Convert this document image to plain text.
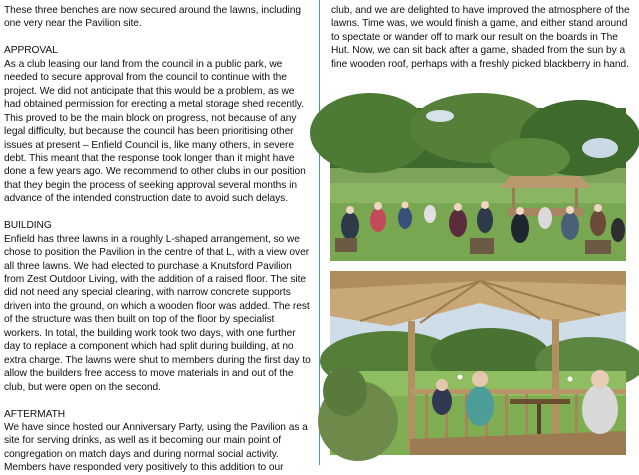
These three benches are now secured around the lawns, including one very near the Pavilion site.

APPROVAL

As a club leasing our land from the council in a public park, we needed to secure approval from the council to continue with the project. We did not anticipate that this would be a problem, as we had obtained permission for erecting a metal storage shed recently. This proved to be the main block on progress, not because of any legal difficulty, but because the council has been prioritising other issues at present – Enfield Council is, like many others, in severe debt. This meant that the response took longer than it might have done a few years ago. We recommend to other clubs in our position that they begin the process of seeking approval several months in advance of the intended construction date to avoid such delays.

BUILDING

Enfield has three lawns in a roughly L-shaped arrangement, so we chose to position the Pavilion in the centre of that L, with a view over all three lawns. We had elected to purchase a Knutsford Pavilion from Zest Outdoor Living, with the addition of a raised floor. The site did not need any special clearing, with narrow concrete supports driven into the ground, on which a wooden floor was added. The rest of the structure was then built on top of the floor by specialist workers. In total, the building work took two days, with one further day to replace a component which had split during building, at no extra charge. The lawns were shut to members during the first day to allow the builders free access to move materials in and out of the club, but were open on the second.

AFTERMATH

We have since hosted our Anniversary Party, using the Pavilion as a site for serving drinks, as well as it becoming our main point of congregation on match days and during normal social activity. Members have responded very positively to this addition to our

club, and we are delighted to have improved the atmosphere of the lawns. Time was, we would finish a game, and either stand around to spectate or wander off to mark our result on the boards in The Hut. Now, we can sit back after a game, shaded from the sun by a fine wooden roof, perhaps with a freshly picked blackberry in hand.
